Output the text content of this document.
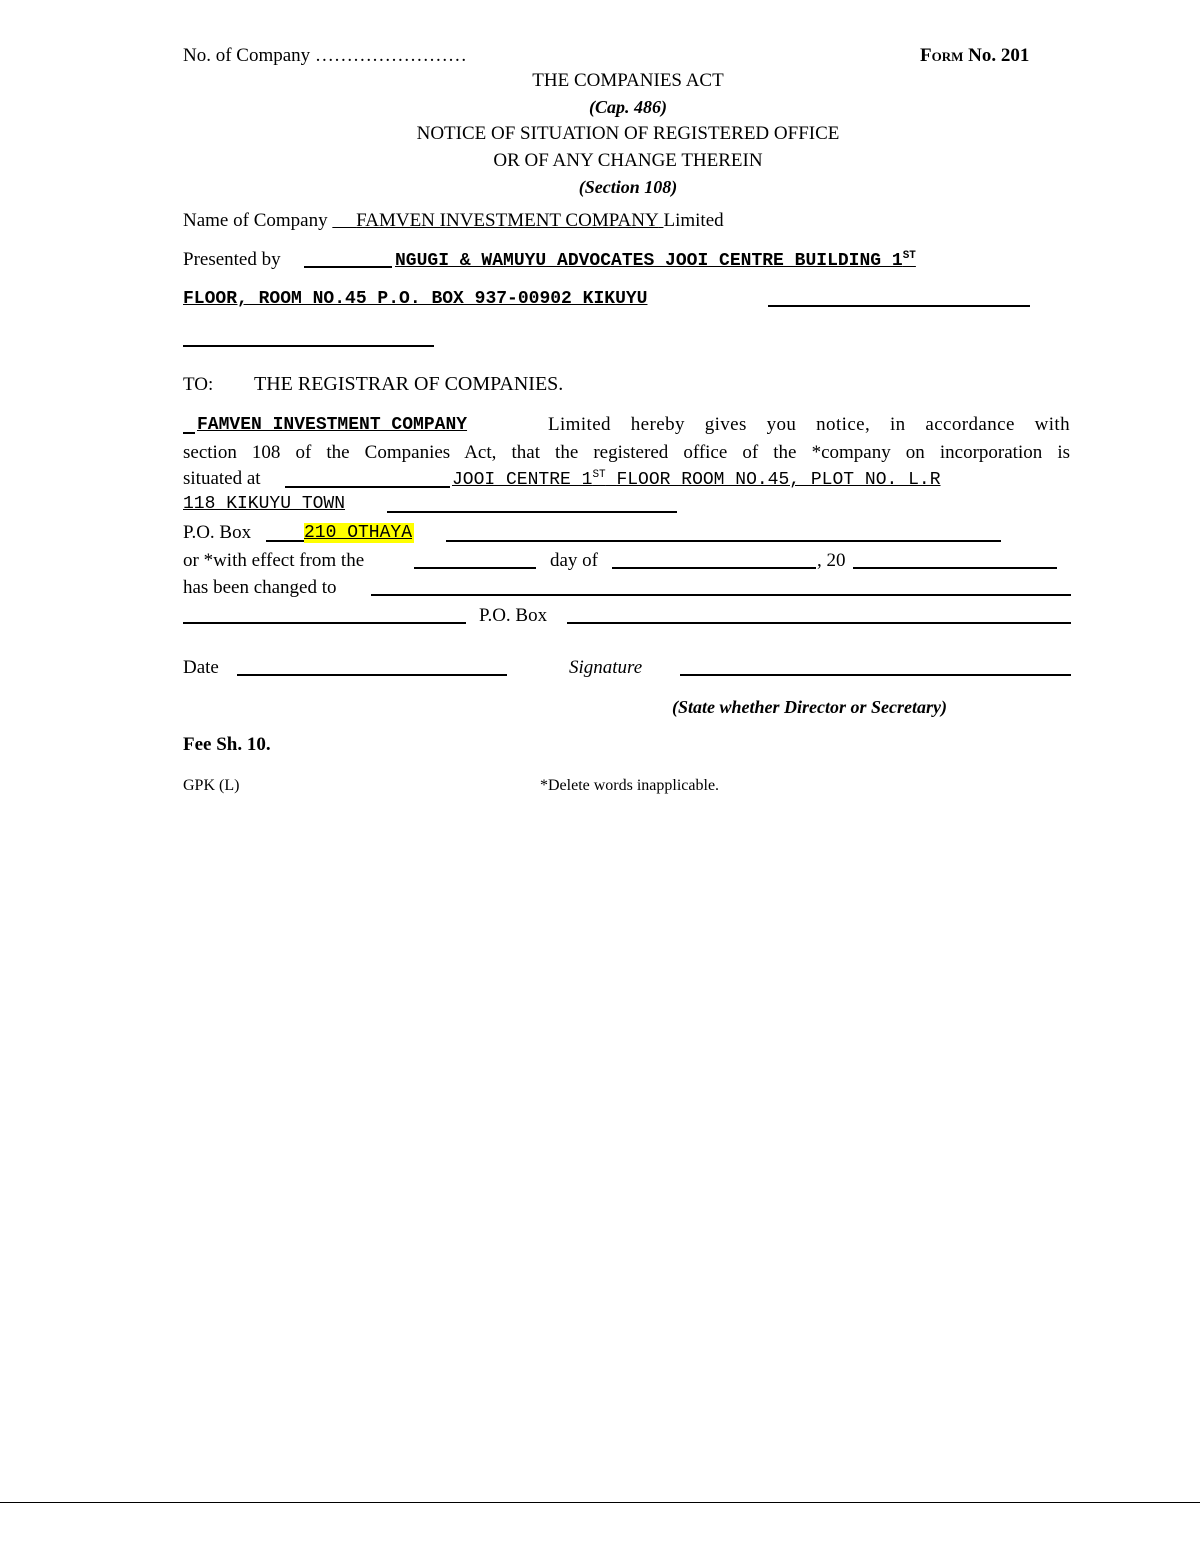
No. of Company ……………………	Form No. 201
THE COMPANIES ACT
(Cap. 486)
NOTICE OF SITUATION OF REGISTERED OFFICE
OR OF ANY CHANGE THEREIN
(Section 108)
Name of Company FAMVEN INVESTMENT COMPANY Limited
Presented by	NGUGI & WAMUYU ADVOCATES JOOI CENTRE BUILDING 1ST
FLOOR, ROOM NO.45 P.O. BOX 937-00902 KIKUYU
TO: THE REGISTRAR OF COMPANIES.
FAMVEN INVESTMENT COMPANY	Limited hereby gives you notice, in accordance with
section 108 of the Companies Act, that the registered office of the *company on incorporation is
situated at	JOOI CENTRE 1ST FLOOR ROOM NO.45, PLOT NO. L.R
118 KIKUYU TOWN
P.O. Box	210 OTHAYA
or *with effect from the	day of	, 20
has been changed to
P.O. Box
Date	Signature
(State whether Director or Secretary)
Fee Sh. 10.
GPK (L)	*Delete words inapplicable.
